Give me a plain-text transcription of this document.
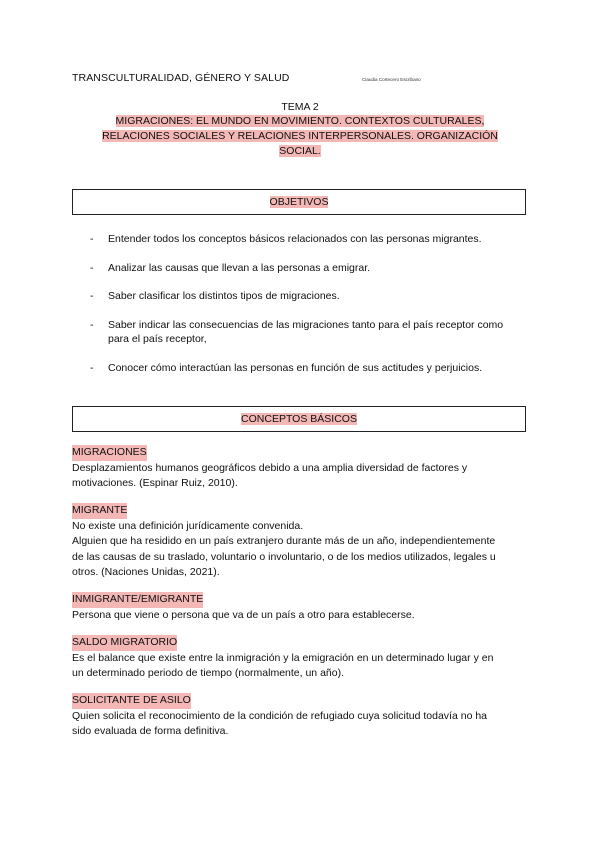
TRANSCULTURALIDAD, GÉNERO Y SALUD	Claudia Cortecero Escribano
TEMA 2
MIGRACIONES: EL MUNDO EN MOVIMIENTO. CONTEXTOS CULTURALES,
RELACIONES SOCIALES Y RELACIONES INTERPERSONALES. ORGANIZACIÓN
SOCIAL.
OBJETIVOS
- Entender todos los conceptos básicos relacionados con las personas migrantes.
- Analizar las causas que llevan a las personas a emigrar.
- Saber clasificar los distintos tipos de migraciones.
- Saber indicar las consecuencias de las migraciones tanto para el país receptor como
para el país receptor,
- Conocer cómo interactúan las personas en función de sus actitudes y perjuicios.
CONCEPTOS BÁSICOS
MIGRACIONES

Desplazamientos humanos geográficos debido a una amplia diversidad de factores y

motivaciones. (Espinar Ruiz, 2010).

MIGRANTE

No existe una definición jurídicamente convenida.

Alguien que ha residido en un país extranjero durante más de un año, independientemente

de las causas de su traslado, voluntario o involuntario, o de los medios utilizados, legales u

otros. (Naciones Unidas, 2021).

INMIGRANTE/EMIGRANTE

Persona que viene o persona que va de un país a otro para establecerse.

SALDO MIGRATORIO

Es el balance que existe entre la inmigración y la emigración en un determinado lugar y en

un determinado periodo de tiempo (normalmente, un año).

SOLICITANTE DE ASILO

Quien solicita el reconocimiento de la condición de refugiado cuya solicitud todavía no ha

sido evaluada de forma definitiva.
